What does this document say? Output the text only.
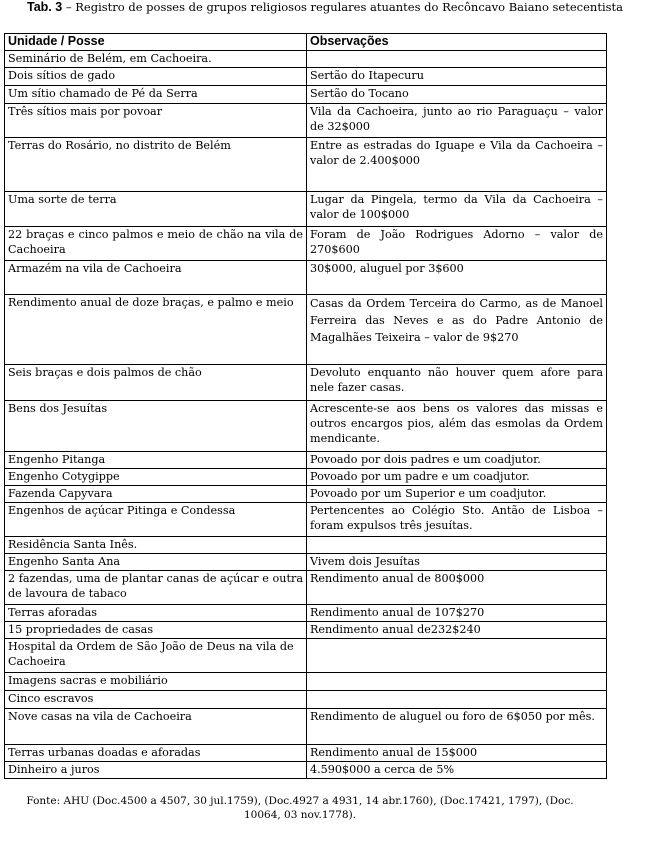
Tab. 3 – Registro de posses de grupos religiosos regulares atuantes do Recôncavo Baiano setecentista
Unidade / Posse	Observações
Seminário de Belém, em Cachoeira.	
Dois sítios de gado	Sertão do Itapecuru
Um sítio chamado de Pé da Serra	Sertão do Tocano
Três sítios mais por povoar	Vila da Cachoeira, junto ao rio Paraguaçu – valor de 32$000
Terras do Rosário, no distrito de Belém	Entre as estradas do Iguape e Vila da Cachoeira – valor de 2.400$000
Uma sorte de terra	Lugar da Pingela, termo da Vila da Cachoeira – valor de 100$000
22 braças e cinco palmos e meio de chão na vila de Cachoeira	Foram de João Rodrigues Adorno – valor de 270$600
Armazém na vila de Cachoeira	30$000, aluguel por 3$600
Rendimento anual de doze braças, e palmo e meio	Casas da Ordem Terceira do Carmo, as de Manoel Ferreira das Neves e as do Padre Antonio de Magalhães Teixeira – valor de 9$270
Seis braças e dois palmos de chão	Devoluto enquanto não houver quem afore para nele fazer casas.
Bens dos Jesuítas	Acrescente-se aos bens os valores das missas e outros encargos pios, além das esmolas da Ordem mendicante.
Engenho Pitanga	Povoado por dois padres e um coadjutor.
Engenho Cotygippe	Povoado por um padre e um coadjutor.
Fazenda Capyvara	Povoado por um Superior e um coadjutor.
Engenhos de açúcar Pitinga e Condessa	Pertencentes ao Colégio Sto. Antão de Lisboa – foram expulsos três jesuítas.
Residência Santa Inês.	
Engenho Santa Ana	Vivem dois Jesuítas
2 fazendas, uma de plantar canas de açúcar e outra de lavoura de tabaco	Rendimento anual de 800$000
Terras aforadas	Rendimento anual de 107$270
15 propriedades de casas	Rendimento anual de232$240
Hospital da Ordem de São João de Deus na vila de Cachoeira	
Imagens sacras e mobiliário	
Cinco escravos	
Nove casas na vila de Cachoeira	Rendimento de aluguel ou foro de 6$050 por mês.
Terras urbanas doadas e aforadas	Rendimento anual de 15$000
Dinheiro a juros	4.590$000 a cerca de 5%
Fonte: AHU (Doc.4500 a 4507, 30 jul.1759), (Doc.4927 a 4931, 14 abr.1760), (Doc.17421, 1797), (Doc. 10064, 03 nov.1778).
